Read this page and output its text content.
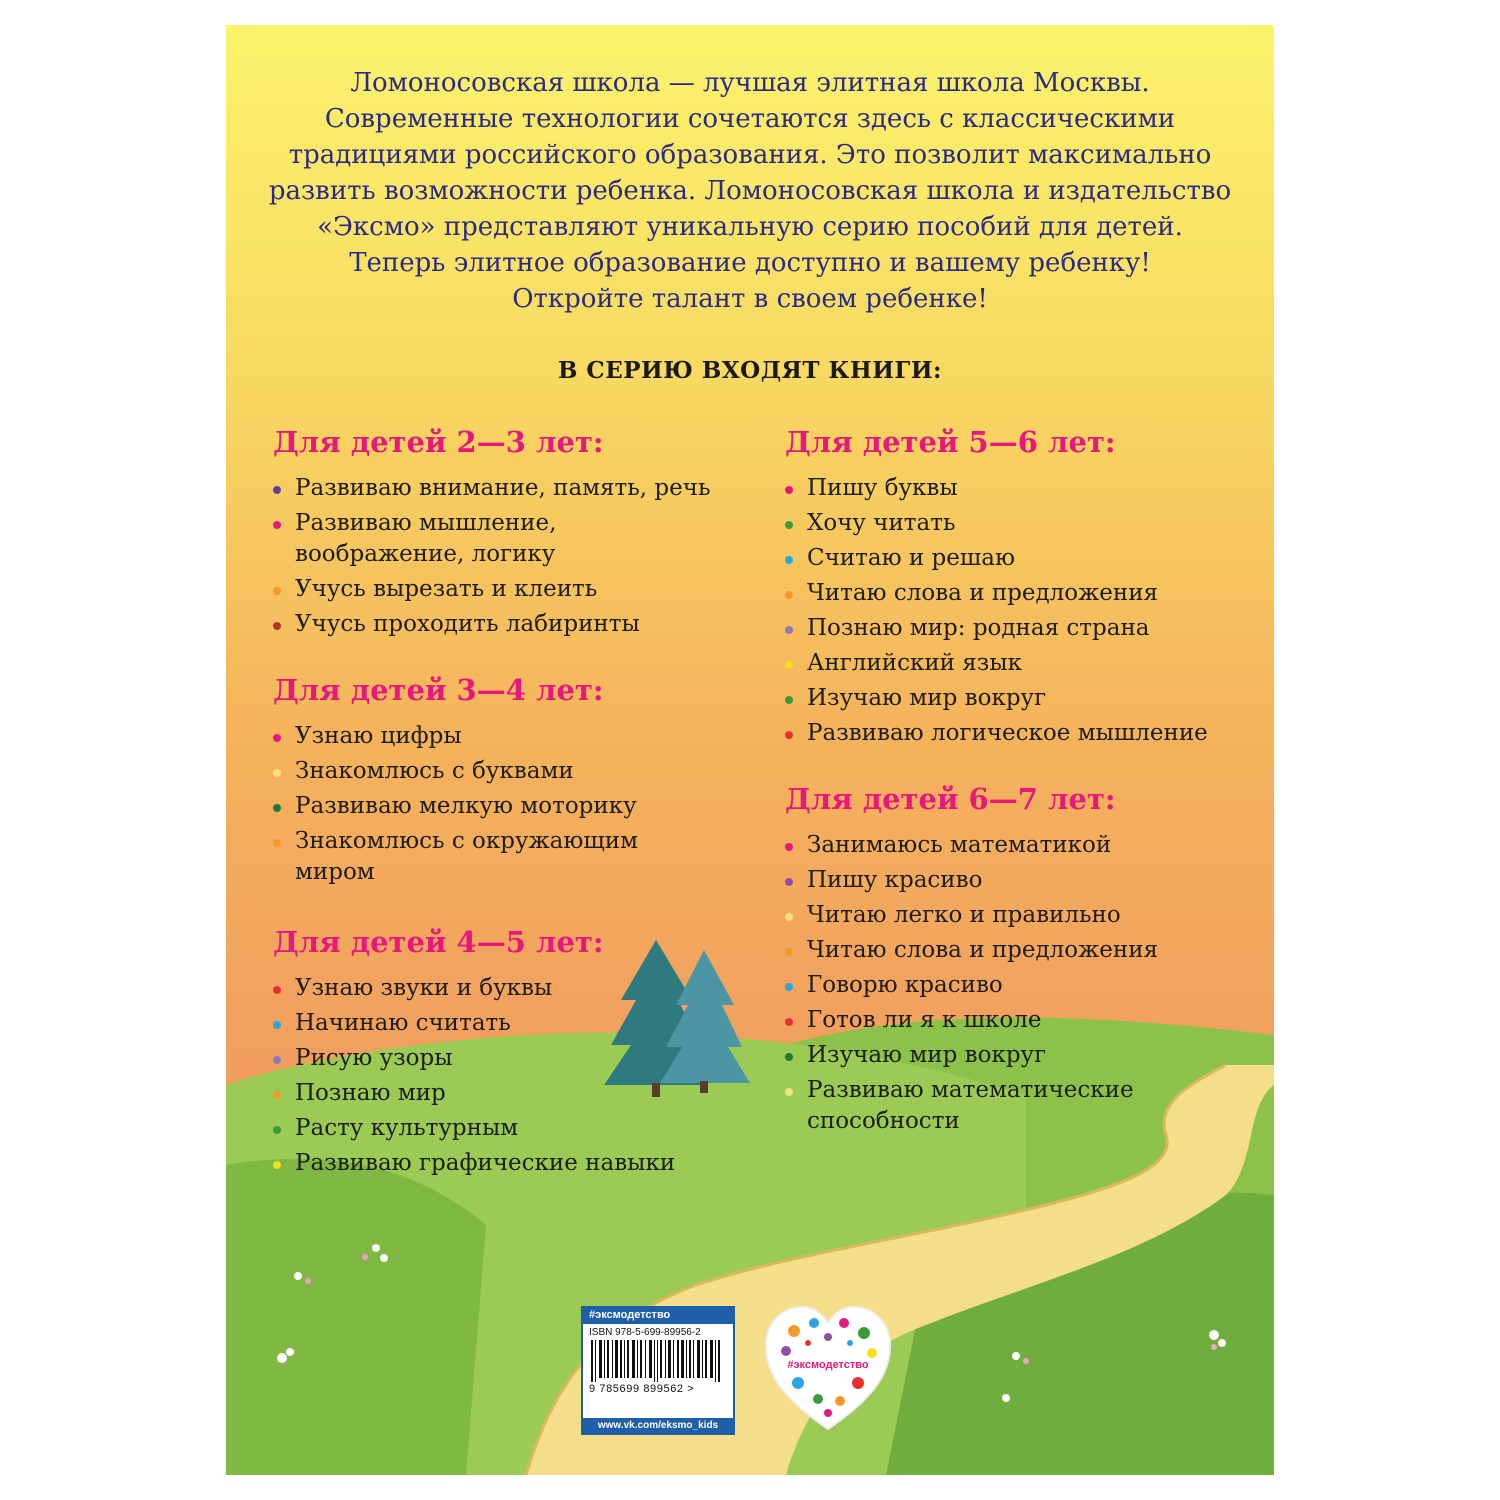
Ломоносовская школа — лучшая элитная школа Москвы.
Современные технологии сочетаются здесь с классическими
традициями российского образования. Это позволит максимально
развить возможности ребенка. Ломоносовская школа и издательство
«Эксмо» представляют уникальную серию пособий для детей.
Теперь элитное образование доступно и вашему ребенку!
Откройте талант в своем ребенке!
В СЕРИЮ ВХОДЯТ КНИГИ:
Для детей 2—3 лет:
Развиваю внимание, память, речь
Развиваю мышление, воображение, логику
Учусь вырезать и клеить
Учусь проходить лабиринты
Для детей 3—4 лет:
Узнаю цифры
Знакомлюсь с буквами
Развиваю мелкую моторику
Знакомлюсь с окружающим миром
Для детей 4—5 лет:
Узнаю звуки и буквы
Начинаю считать
Рисую узоры
Познаю мир
Расту культурным
Развиваю графические навыки
Для детей 5—6 лет:
Пишу буквы
Хочу читать
Считаю и решаю
Читаю слова и предложения
Познаю мир: родная страна
Английский язык
Изучаю мир вокруг
Развиваю логическое мышление
Для детей 6—7 лет:
Занимаюсь математикой
Пишу красиво
Читаю легко и правильно
Читаю слова и предложения
Говорю красиво
Готов ли я к школе
Изучаю мир вокруг
Развиваю математические способности
#эксмодетство
ISBN 978-5-699-89956-2
9 785699 899562 >
www.vk.com/eksmo_kids
#эксмодетство
